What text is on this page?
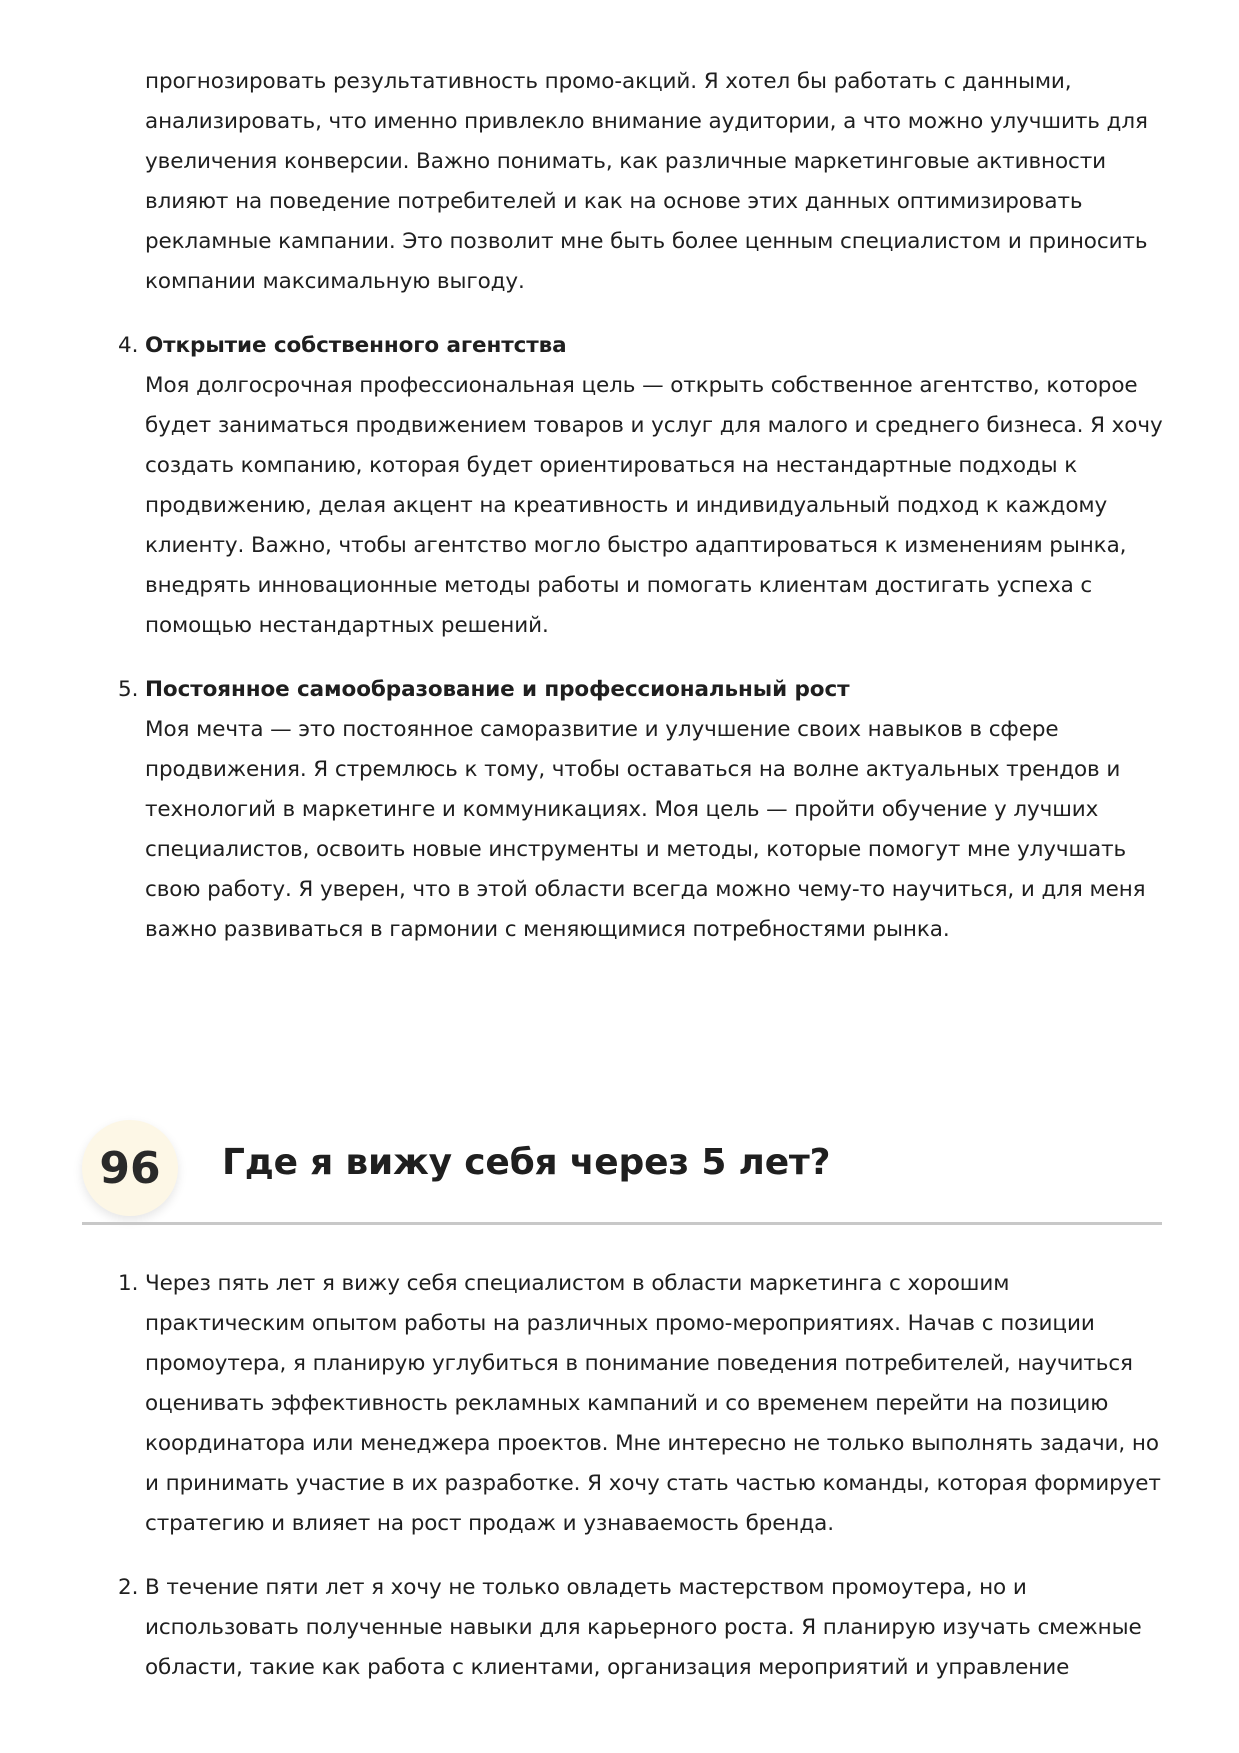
прогнозировать результативность промо-акций. Я хотел бы работать с данными, анализировать, что именно привлекло внимание аудитории, а что можно улучшить для увеличения конверсии. Важно понимать, как различные маркетинговые активности влияют на поведение потребителей и как на основе этих данных оптимизировать рекламные кампании. Это позволит мне быть более ценным специалистом и приносить компании максимальную выгоду.

4. Открытие собственного агентства
Моя долгосрочная профессиональная цель — открыть собственное агентство, которое будет заниматься продвижением товаров и услуг для малого и среднего бизнеса. Я хочу создать компанию, которая будет ориентироваться на нестандартные подходы к продвижению, делая акцент на креативность и индивидуальный подход к каждому клиенту. Важно, чтобы агентство могло быстро адаптироваться к изменениям рынка, внедрять инновационные методы работы и помогать клиентам достигать успеха с помощью нестандартных решений.
5. Постоянное самообразование и профессиональный рост
Моя мечта — это постоянное саморазвитие и улучшение своих навыков в сфере продвижения. Я стремлюсь к тому, чтобы оставаться на волне актуальных трендов и технологий в маркетинге и коммуникациях. Моя цель — пройти обучение у лучших специалистов, освоить новые инструменты и методы, которые помогут мне улучшать свою работу. Я уверен, что в этой области всегда можно чему-то научиться, и для меня важно развиваться в гармонии с меняющимися потребностями рынка.
96	Где я вижу себя через 5 лет?
1. Через пять лет я вижу себя специалистом в области маркетинга с хорошим практическим опытом работы на различных промо-мероприятиях. Начав с позиции промоутера, я планирую углубиться в понимание поведения потребителей, научиться оценивать эффективность рекламных кампаний и со временем перейти на позицию координатора или менеджера проектов. Мне интересно не только выполнять задачи, но и принимать участие в их разработке. Я хочу стать частью команды, которая формирует стратегию и влияет на рост продаж и узнаваемость бренда.
2. В течение пяти лет я хочу не только овладеть мастерством промоутера, но и использовать полученные навыки для карьерного роста. Я планирую изучать смежные области, такие как работа с клиентами, организация мероприятий и управление
